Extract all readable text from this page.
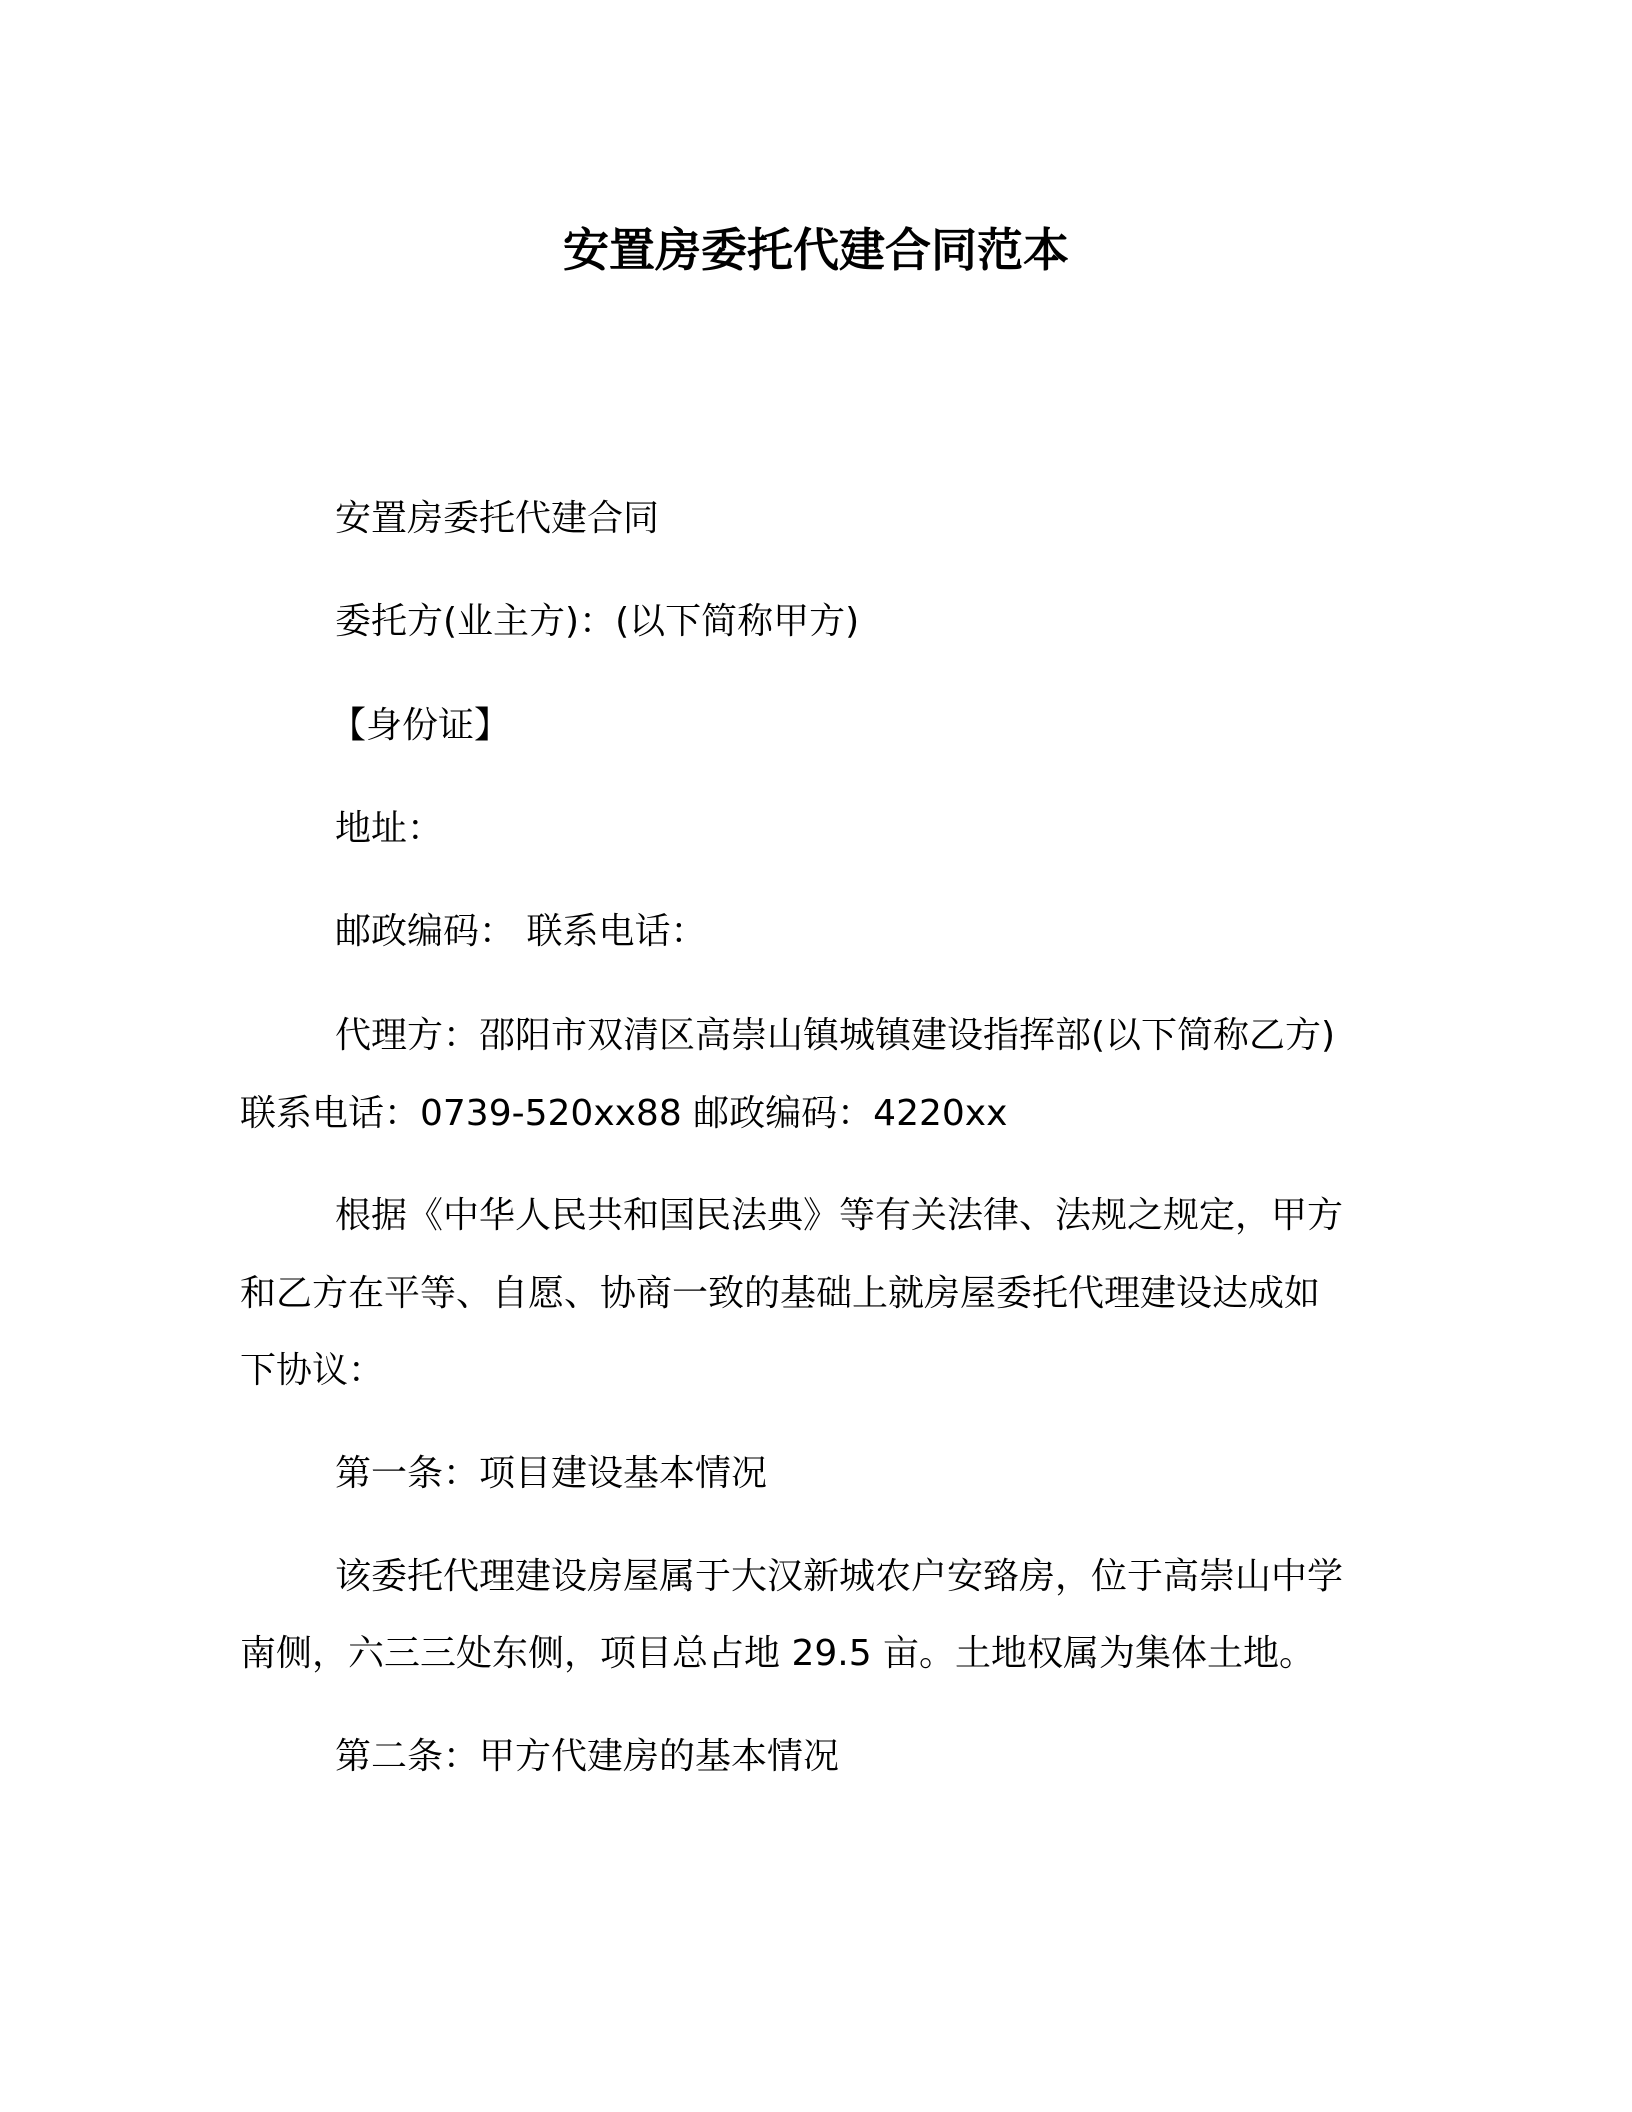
安置房委托代建合同范本
安置房委托代建合同
委托方(业主方)：(以下简称甲方)
【身份证】
地址：
邮政编码： 联系电话：
代理方：邵阳市双清区高崇山镇城镇建设指挥部(以下简称乙方)
联系电话：0739-520xx88 邮政编码：4220xx
根据《中华人民共和国民法典》等有关法律、法规之规定，甲方
和乙方在平等、自愿、协商一致的基础上就房屋委托代理建设达成如
下协议：
第一条：项目建设基本情况
该委托代理建设房屋属于大汉新城农户安臵房，位于高崇山中学
南侧，六三三处东侧，项目总占地 29.5 亩。土地权属为集体土地。
第二条：甲方代建房的基本情况
